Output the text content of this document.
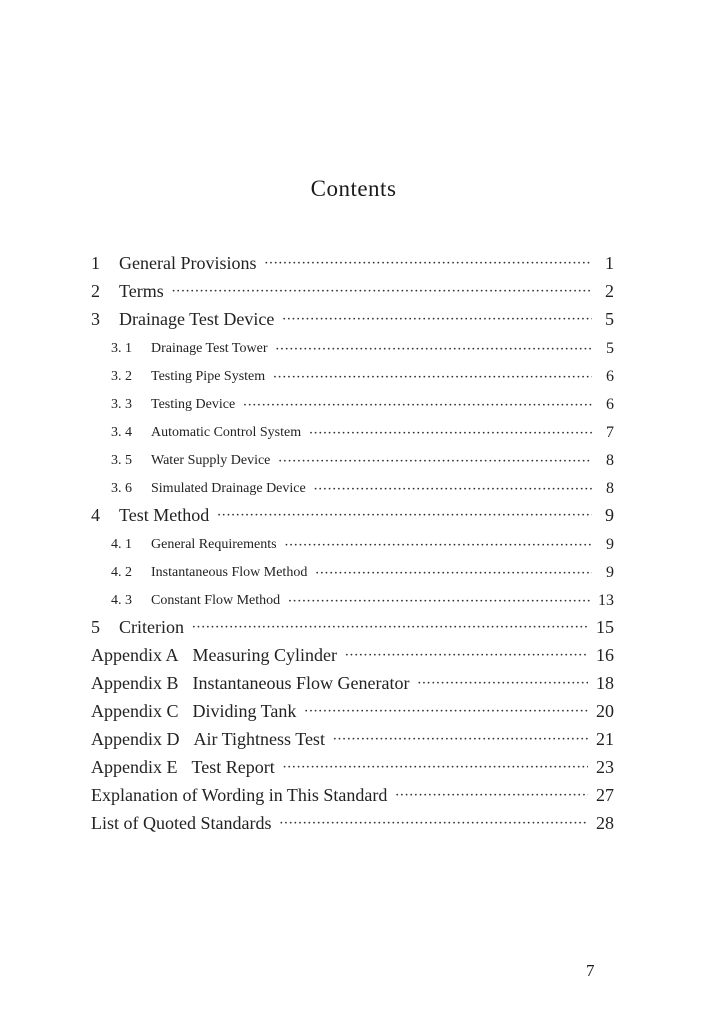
Contents
1	General Provisions ·····	1
2	Terms ·····	2
3	Drainage Test Device ·····	5
3. 1	Drainage Test Tower ·····	5
3. 2	Testing Pipe System ·····	6
3. 3	Testing Device ·····	6
3. 4	Automatic Control System ·····	7
3. 5	Water Supply Device ·····	8
3. 6	Simulated Drainage Device ·····	8
4	Test Method ·····	9
4. 1	General Requirements ·····	9
4. 2	Instantaneous Flow Method ·····	9
4. 3	Constant Flow Method ·····	13
5	Criterion ·····	15
Appendix A Measuring Cylinder ·····	16
Appendix B Instantaneous Flow Generator ·····	18
Appendix C Dividing Tank ·····	20
Appendix D Air Tightness Test ·····	21
Appendix E Test Report ·····	23
Explanation of Wording in This Standard ·····	27
List of Quoted Standards ·····	28
7
